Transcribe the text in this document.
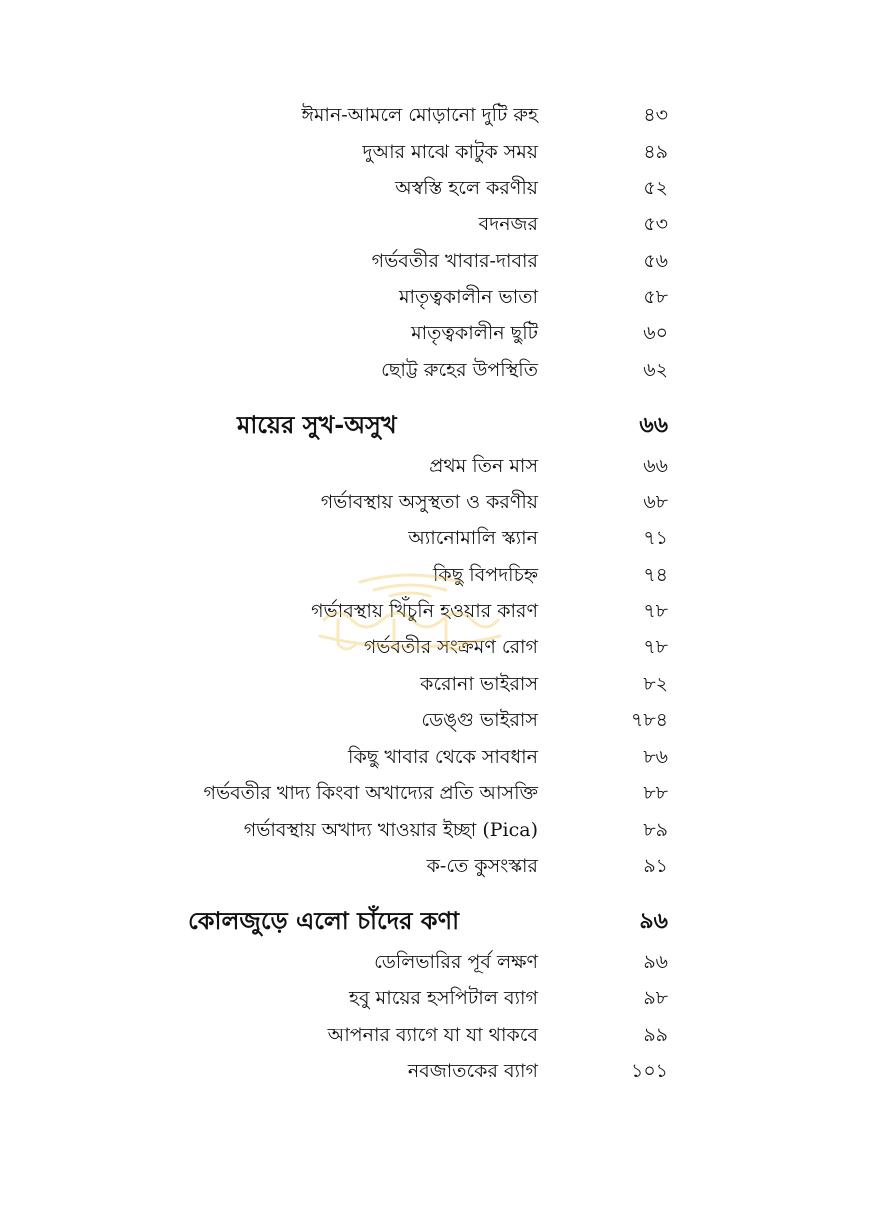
ঈমান-আমলে মোড়ানো দুটি রুহ	৪৩
দুআর মাঝে কাটুক সময়	৪৯
অস্বস্তি হলে করণীয়	৫২
বদনজর	৫৩
গর্ভবতীর খাবার-দাবার	৫৬
মাতৃত্বকালীন ভাতা	৫৮
মাতৃত্বকালীন ছুটি	৬০
ছোট্ট রুহের উপস্থিতি	৬২
মায়ের সুখ-অসুখ	৬৬
প্রথম তিন মাস	৬৬
গর্ভাবস্থায় অসুস্থতা ও করণীয়	৬৮
অ্যানোমালি স্ক্যান	৭১
কিছু বিপদচিহ্ন	৭৪
গর্ভাবস্থায় খিঁচুনি হওয়ার কারণ	৭৮
গর্ভবতীর সংক্রমণ রোগ	৭৮
করোনা ভাইরাস	৮২
ডেঙ্গু ভাইরাস	৭৮৪
কিছু খাবার থেকে সাবধান	৮৬
গর্ভবতীর খাদ্য কিংবা অখাদ্যের প্রতি আসক্তি	৮৮
গর্ভাবস্থায় অখাদ্য খাওয়ার ইচ্ছা (Pica)	৮৯
ক-তে কুসংস্কার	৯১
কোলজুড়ে এলো চাঁদের কণা	৯৬
ডেলিভারির পূর্ব লক্ষণ	৯৬
হবু মায়ের হসপিটাল ব্যাগ	৯৮
আপনার ব্যাগে যা যা থাকবে	৯৯
নবজাতকের ব্যাগ	১০১
